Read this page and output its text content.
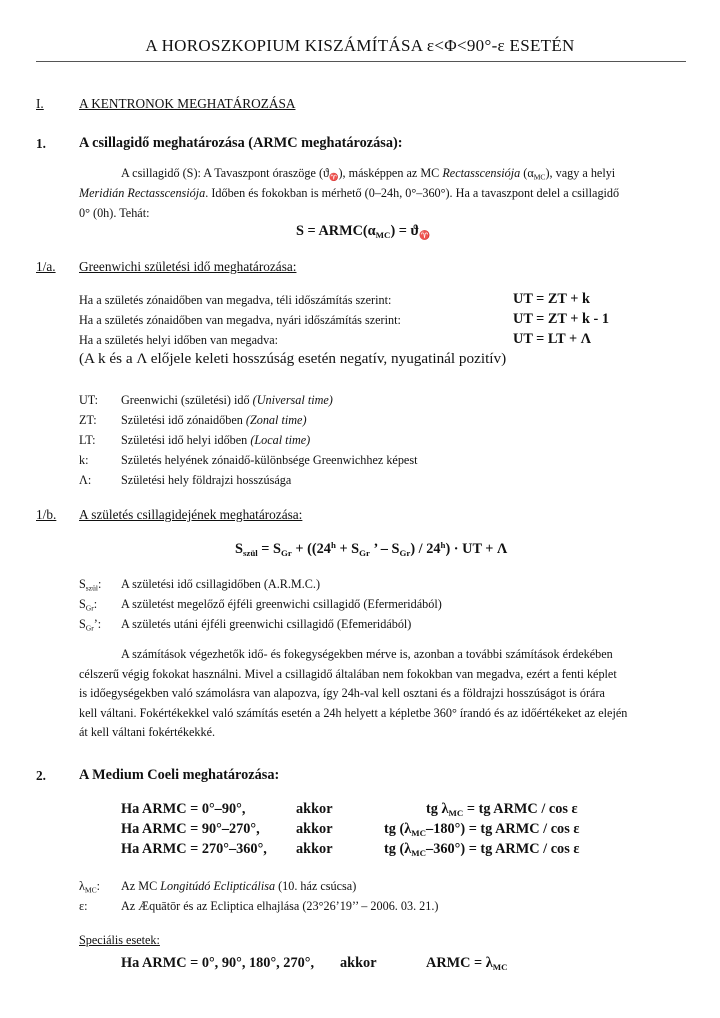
A HOROSZKOPIUM KISZÁMÍTÁSA ε<Φ<90°-ε ESETÉN
I.	A KENTRONOK MEGHATÁROZÁSA
1. A csillagidő meghatározása (ARMC meghatározása):
A csillagidő (S): A Tavaszpont óraszöge $(ϑ_♈)$, másképpen az MC Rectasscensiója $(\alpha_{MC})$, vagy a helyi
Meridián Rectasscensiója. Időben és fokokban is mérhető (0–24h, 0°–360°). Ha a tavaszpont delel a csillagidő
0° (0h). Tehát:
$S = ARMC(\alpha_{MC}) = ϑ_♈$
1/a. Greenwichi születési idő meghatározása:
Ha a születés zónaidőben van megadva, téli időszámítás szerint:	UT = ZT + k
Ha a születés zónaidőben van megadva, nyári időszámítás szerint:	UT = ZT + k - 1
Ha a születés helyi időben van megadva:	UT = LT + Λ
(A k és a Λ előjele keleti hosszúság esetén negatív, nyugatinál pozitív)
UT: Greenwichi (születési) idő (Universal time)
ZT: Születési idő zónaidőben (Zonal time)
LT: Születési idő helyi időben (Local time)
k:	Születés helyének zónaidő-különbsége Greenwichhez képest
Λ: Születési hely földrajzi hosszúsága
1/b. A születés csillagidejének meghatározása:
$S_{szül} = S_{Gr} + ((24^h + S_{Gr}$ ’ – $S_{Gr}) / 24^h$) · UT + Λ
$S_{szül}$: A születési idő csillagidőben (A.R.M.C.)
$S_{Gr}$: A születést megelőző éjféli greenwichi csillagidő (Efermeridából)
$S_{Gr}$’: A születés utáni éjféli greenwichi csillagidő (Efemeridából)
A számítások végezhetők idő- és fokegységekben mérve is, azonban a további számítások érdekében
célszerű végig fokokat használni. Mivel a csillagidő általában nem fokokban van megadva, ezért a fenti képlet
is időegységekben való számolásra van alapozva, így 24h-val kell osztani és a földrajzi hosszúságot is órára
kell váltani. Fokértékekkel való számítás esetén a 24h helyett a képletbe 360° írandó és az időértékeket az elején
át kell váltani fokértékekké.
2. A Medium Coeli meghatározása:
Ha ARMC = 0°–90°,	akkor	tg $\lambda_{MC}$ = tg ARMC / cos ε
Ha ARMC = 90°–270°,	akkor	tg $(\lambda_{MC}-180^\circ)$ = tg ARMC / cos ε
Ha ARMC = 270°–360°, akkor	tg $(\lambda_{MC}-360^\circ)$ = tg ARMC / cos ε
$\lambda_{MC}$: Az MC Longitúdó Eclipticálisa (10. ház csúcsa)
ε:	Az Æquātōr és az Ecliptica elhajlása (23°26’19’’ – 2006. 03. 21.)
Speciális esetek:
Ha ARMC = 0°, 90°, 180°, 270°, akkor	ARMC = $\lambda_{MC}$
